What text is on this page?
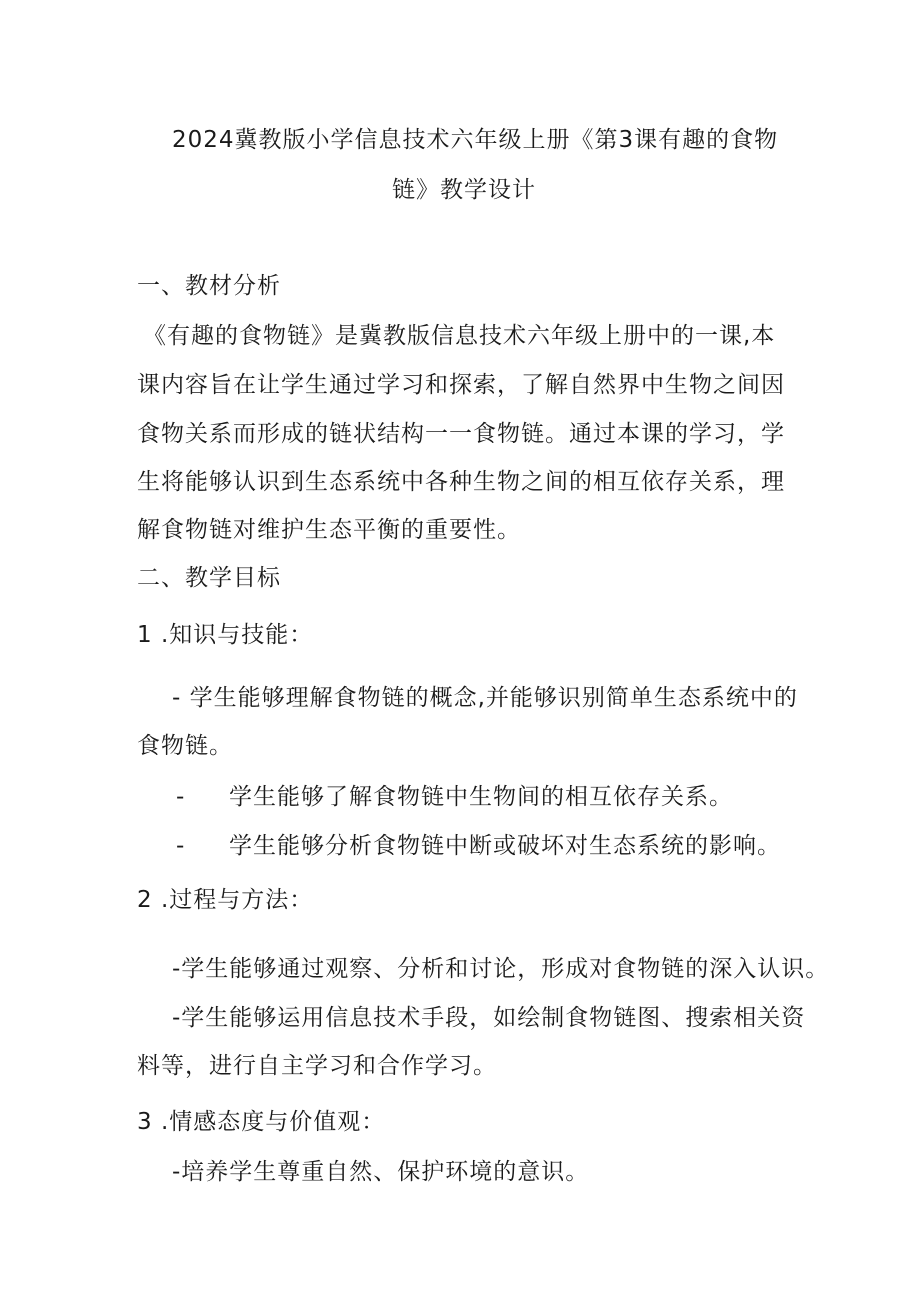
2024冀教版小学信息技术六年级上册《第3课有趣的食物
链》教学设计
一、教材分析
《有趣的食物链》是冀教版信息技术六年级上册中的一课,本
课内容旨在让学生通过学习和探索，了解自然界中生物之间因
食物关系而形成的链状结构一一食物链。通过本课的学习，学
生将能够认识到生态系统中各种生物之间的相互依存关系，理
解食物链对维护生态平衡的重要性。
二、教学目标
1 .知识与技能：
- 学生能够理解食物链的概念,并能够识别简单生态系统中的
食物链。
- 学生能够了解食物链中生物间的相互依存关系。
- 学生能够分析食物链中断或破坏对生态系统的影响。
2 .过程与方法：
-学生能够通过观察、分析和讨论，形成对食物链的深入认识。
-学生能够运用信息技术手段，如绘制食物链图、搜索相关资
料等，进行自主学习和合作学习。
3 .情感态度与价值观：
-培养学生尊重自然、保护环境的意识。
